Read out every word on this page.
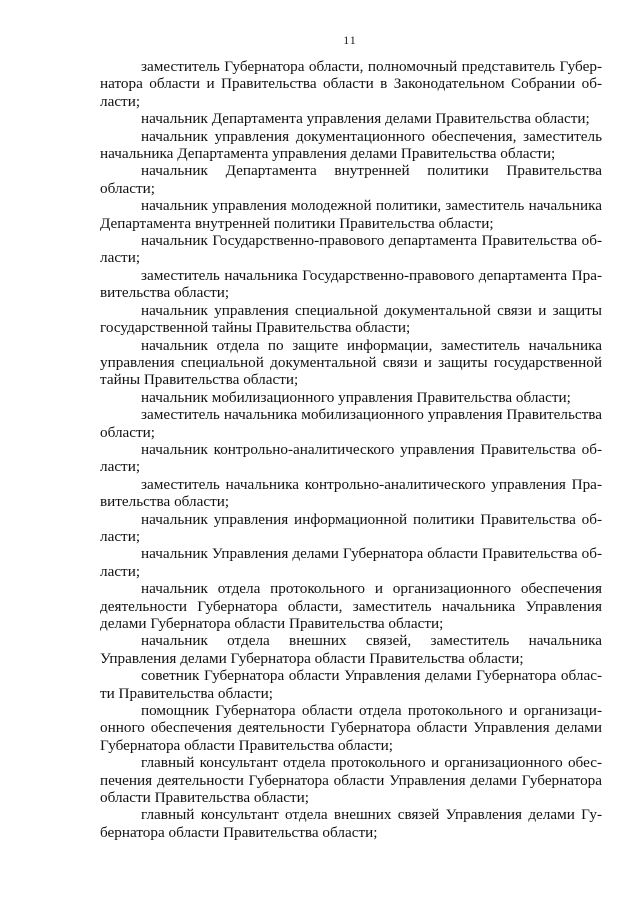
11

заместитель Губернатора области, полномочный представитель Губернатора области и Правительства области в Законодательном Собрании области;

начальник Департамента управления делами Правительства области;

начальник управления документационного обеспечения, заместитель начальника Департамента управления делами Правительства области;

начальник Департамента внутренней политики Правительства области;

начальник управления молодежной политики, заместитель начальника Департамента внутренней политики Правительства области;

начальник Государственно-правового департамента Правительства области;

заместитель начальника Государственно-правового департамента Правительства области;

начальник управления специальной документальной связи и защиты государственной тайны Правительства области;

начальник отдела по защите информации, заместитель начальника управления специальной документальной связи и защиты государственной тайны Правительства области;

начальник мобилизационного управления Правительства области;

заместитель начальника мобилизационного управления Правительства области;

начальник контрольно-аналитического управления Правительства области;

заместитель начальника контрольно-аналитического управления Правительства области;

начальник управления информационной политики Правительства области;

начальник Управления делами Губернатора области Правительства области;

начальник отдела протокольного и организационного обеспечения деятельности Губернатора области, заместитель начальника Управления делами Губернатора области Правительства области;

начальник отдела внешних связей, заместитель начальника Управления делами Губернатора области Правительства области;

советник Губернатора области Управления делами Губернатора области Правительства области;

помощник Губернатора области отдела протокольного и организационного обеспечения деятельности Губернатора области Управления делами Губернатора области Правительства области;

главный консультант отдела протокольного и организационного обеспечения деятельности Губернатора области Управления делами Губернатора области Правительства области;

главный консультант отдела внешних связей Управления делами Губернатора области Правительства области;
